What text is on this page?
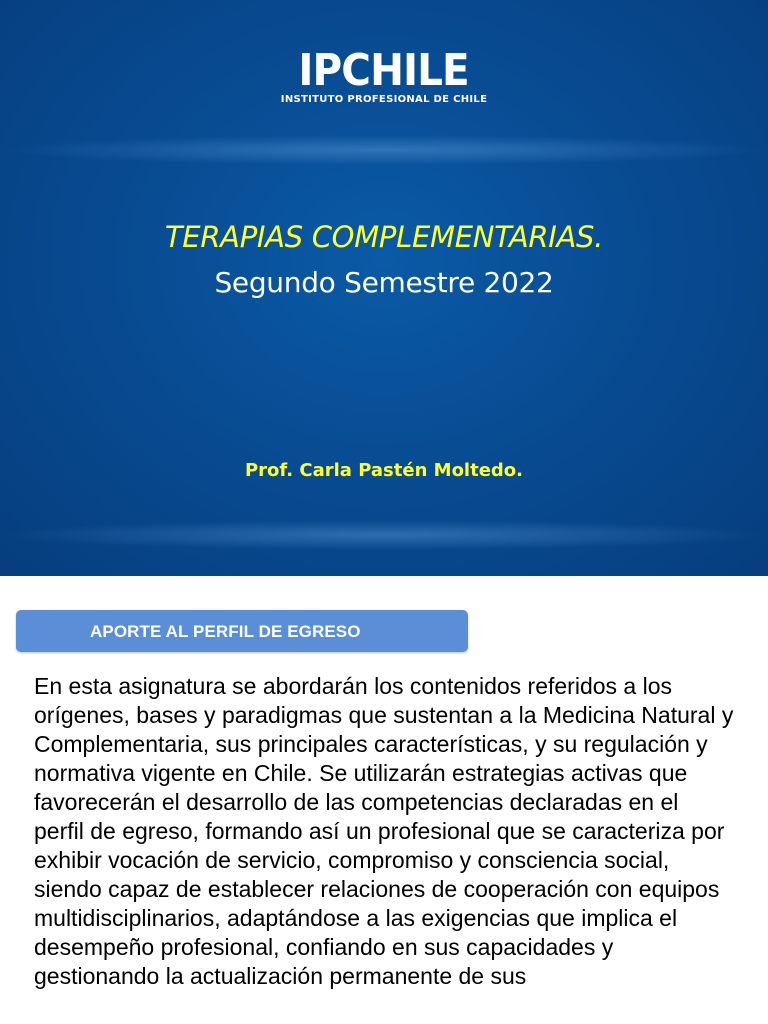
IPCHILE
INSTITUTO PROFESIONAL DE CHILE
TERAPIAS COMPLEMENTARIAS.
Segundo Semestre 2022
Prof. Carla Pastén Moltedo.
APORTE AL PERFIL DE EGRESO

En esta asignatura se abordarán los contenidos referidos a los orígenes, bases y paradigmas que sustentan a la Medicina Natural y Complementaria, sus principales características, y su regulación y normativa vigente en Chile. Se utilizarán estrategias activas que favorecerán el desarrollo de las competencias declaradas en el perfil de egreso, formando así un profesional que se caracteriza por exhibir vocación de servicio, compromiso y consciencia social, siendo capaz de establecer relaciones de cooperación con equipos multidisciplinarios, adaptándose a las exigencias que implica el desempeño profesional, confiando en sus capacidades y gestionando la actualización permanente de sus
